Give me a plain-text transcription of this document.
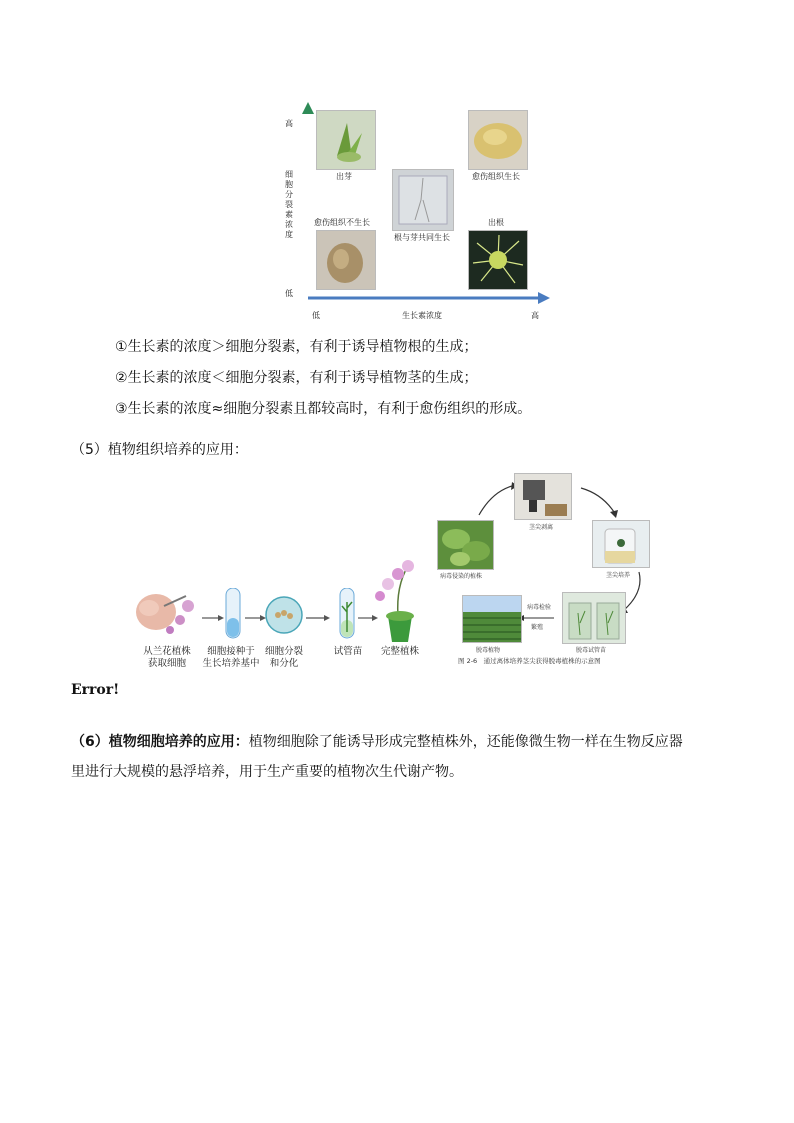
高
细胞分裂素浓度
低
低	生长素浓度	高
出芽	愈伤组织生长
根与芽共同生长
愈伤组织不生长	出根
①生长素的浓度＞细胞分裂素，有利于诱导植物根的生成；
②生长素的浓度＜细胞分裂素，有利于诱导植物茎的生成；
③生长素的浓度≈细胞分裂素且都较高时，有利于愈伤组织的形成。
（5）植物组织培养的应用：
病毒侵染的植株
茎尖剥离
茎尖培养
脱毒试管苗
病毒检验
繁殖
脱毒植物
图 2-6　通过离体培养茎尖获得脱毒植株的示意图
从兰花植株
获取细胞
细胞接种于
生长培养基中
细胞分裂
和分化
试管苗	完整植株
Error!
（6）植物细胞培养的应用：植物细胞除了能诱导形成完整植株外，还能像微生物一样在生物反应器
里进行大规模的悬浮培养，用于生产重要的植物次生代谢产物。
